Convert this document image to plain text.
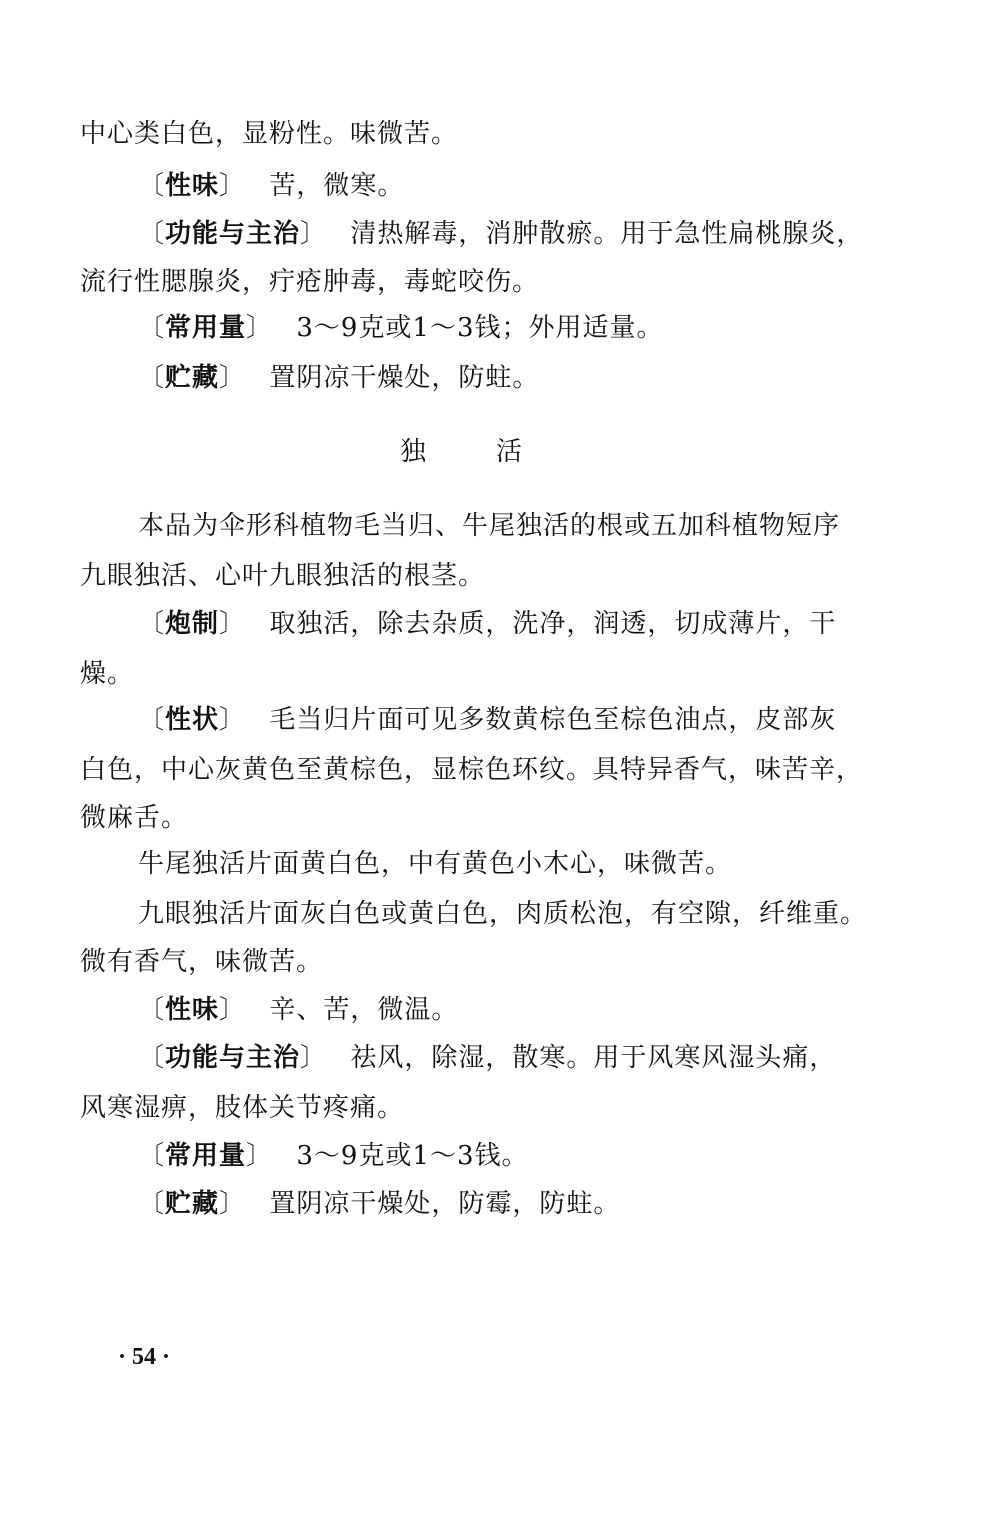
中心类白色，显粉性。味微苦。
〔性味〕　 苦，微寒。
〔功能与主治〕　 清热解毒，消肿散瘀。用于急性扁桃腺炎，
流行性腮腺炎，疔疮肿毒，毒蛇咬伤。
〔常用量〕　 3～9克或1～3钱；外用适量。
〔贮藏〕　 置阴凉干燥处，防蛀。
独	活
本品为伞形科植物毛当归、牛尾独活的根或五加科植物短序
九眼独活、心叶九眼独活的根茎。
〔炮制〕　 取独活，除去杂质，洗净，润透，切成薄片，干
燥。
〔性状〕　 毛当归片面可见多数黄棕色至棕色油点，皮部灰
白色，中心灰黄色至黄棕色，显棕色环纹。具特异香气，味苦辛，
微麻舌。
牛尾独活片面黄白色，中有黄色小木心，味微苦。
九眼独活片面灰白色或黄白色，肉质松泡，有空隙，纤维重。
微有香气，味微苦。
〔性味〕　 辛、苦，微温。
〔功能与主治〕　 祛风，除湿，散寒。用于风寒风湿头痛，
风寒湿痹，肢体关节疼痛。
〔常用量〕　 3～9克或1～3钱。
〔贮藏〕　 置阴凉干燥处，防霉，防蛀。
· 54 ·
